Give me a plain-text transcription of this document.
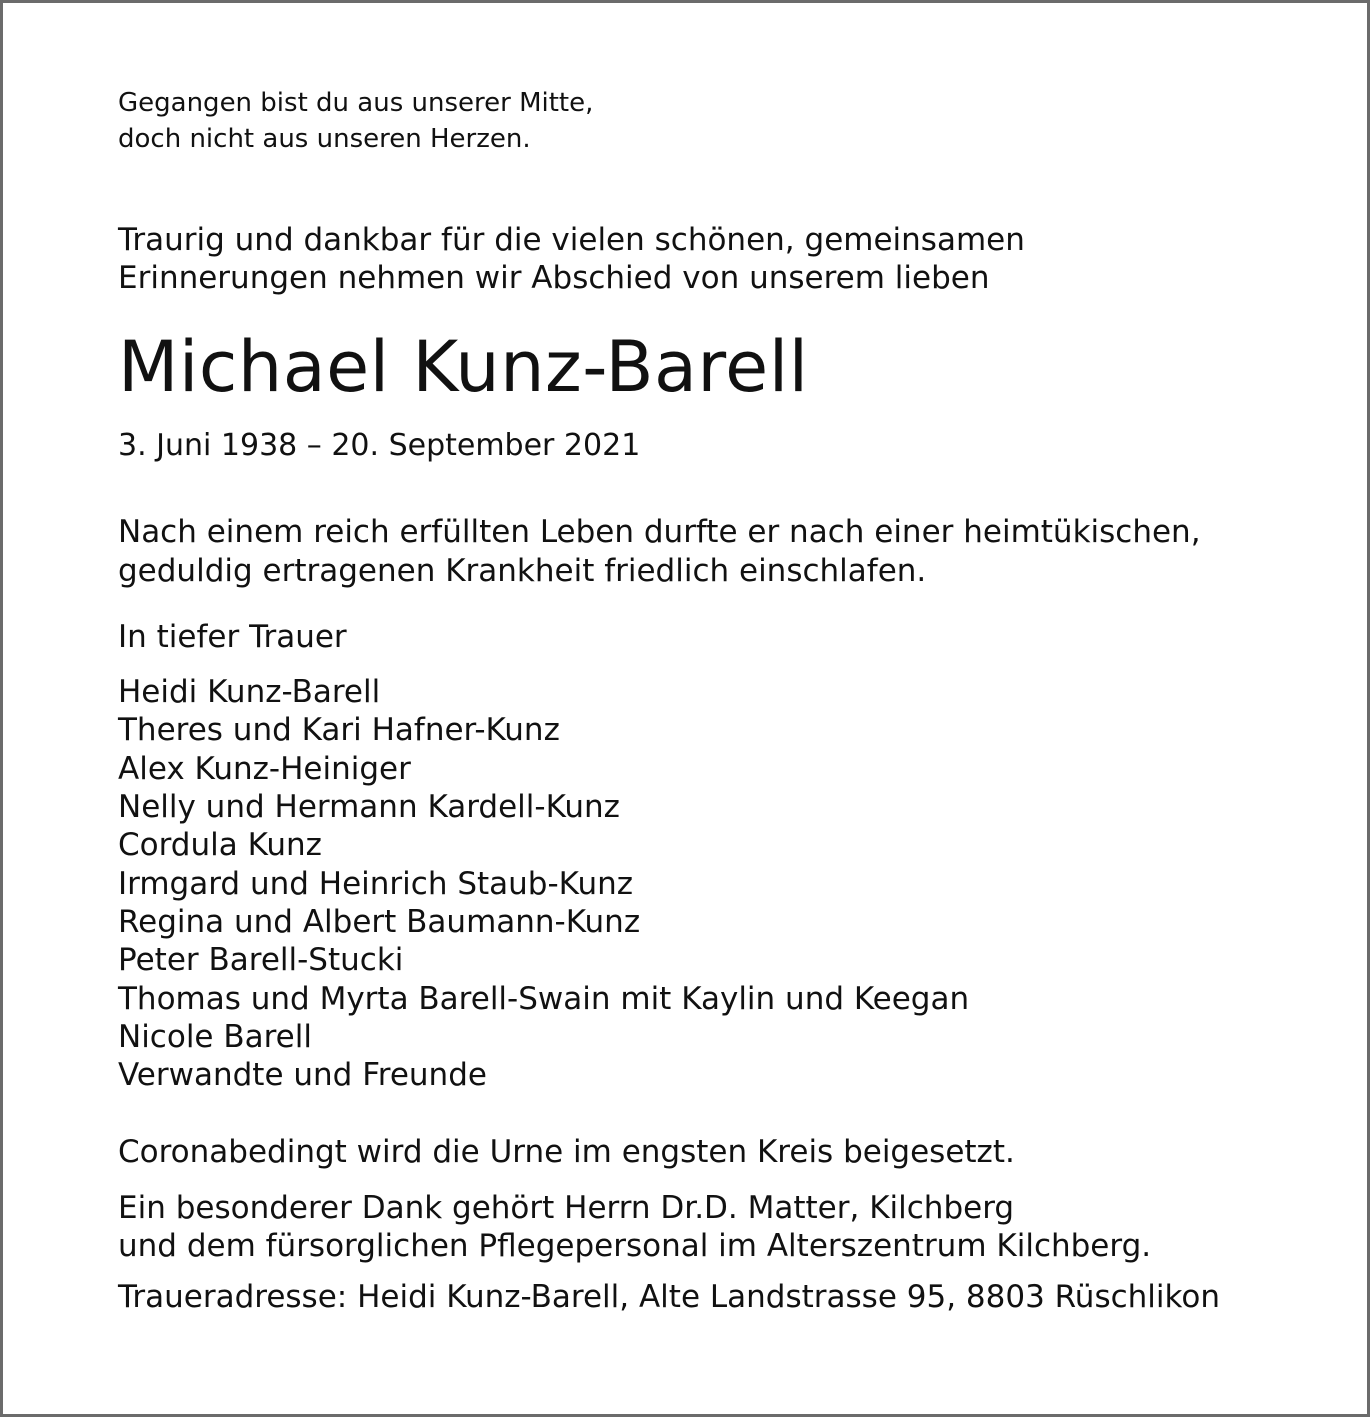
Gegangen bist du aus unserer Mitte,
doch nicht aus unseren Herzen.
Traurig und dankbar für die vielen schönen, gemeinsamen
Erinnerungen nehmen wir Abschied von unserem lieben
Michael Kunz-Barell
3. Juni 1938 – 20. September 2021
Nach einem reich erfüllten Leben durfte er nach einer heimtükischen,
geduldig ertragenen Krankheit friedlich einschlafen.
In tiefer Trauer
Heidi Kunz-Barell
Theres und Kari Hafner-Kunz
Alex Kunz-Heiniger
Nelly und Hermann Kardell-Kunz
Cordula Kunz
Irmgard und Heinrich Staub-Kunz
Regina und Albert Baumann-Kunz
Peter Barell-Stucki
Thomas und Myrta Barell-Swain mit Kaylin und Keegan
Nicole Barell
Verwandte und Freunde
Coronabedingt wird die Urne im engsten Kreis beigesetzt.
Ein besonderer Dank gehört Herrn Dr.D. Matter, Kilchberg
und dem fürsorglichen Pflegepersonal im Alterszentrum Kilchberg.
Traueradresse: Heidi Kunz-Barell, Alte Landstrasse 95, 8803 Rüschlikon
